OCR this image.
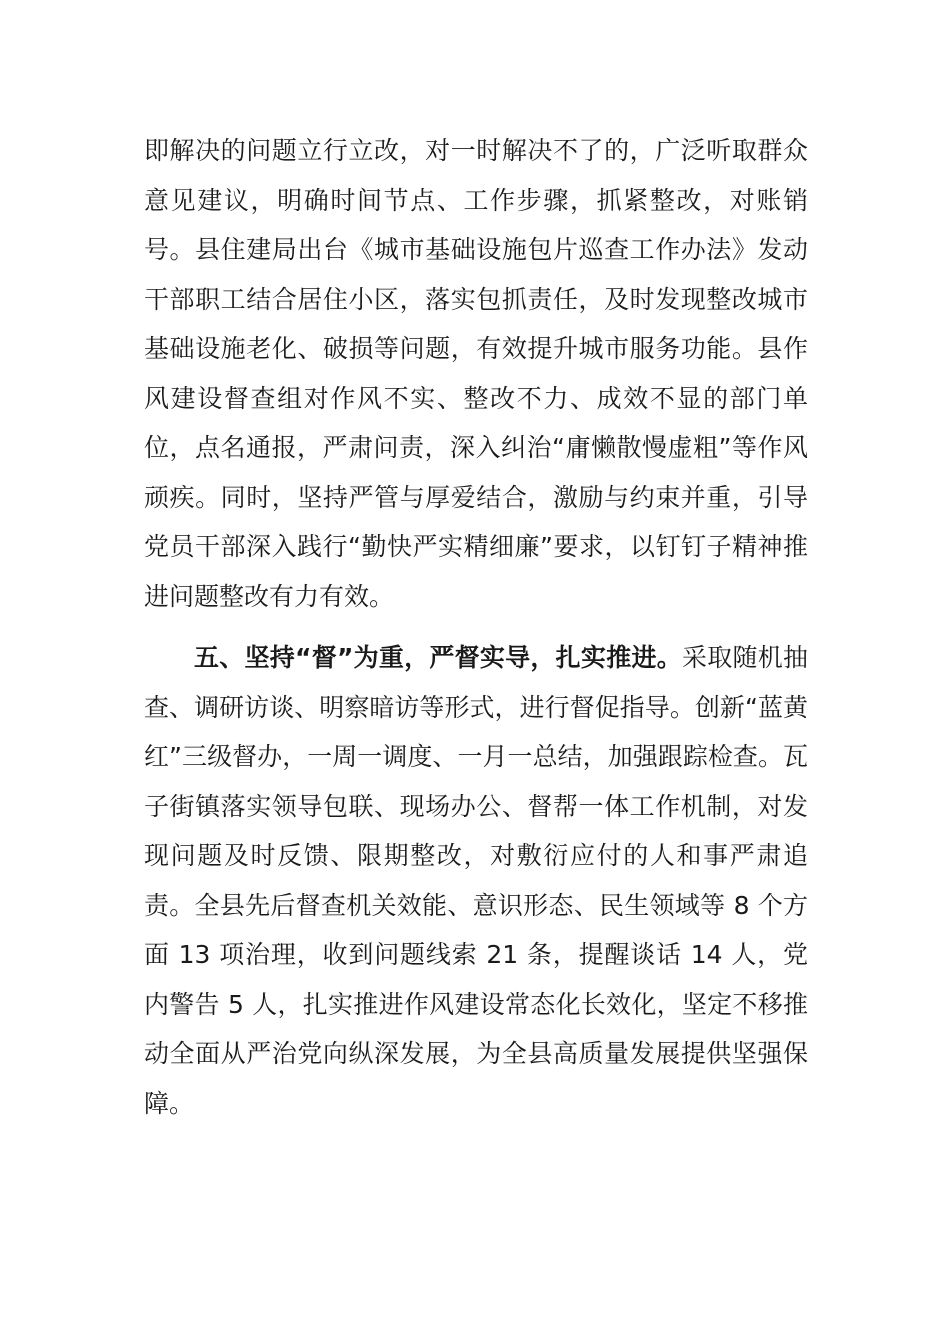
即解决的问题立行立改，对一时解决不了的，广泛听取群众意见建议，明确时间节点、工作步骤，抓紧整改，对账销号。县住建局出台《城市基础设施包片巡查工作办法》发动干部职工结合居住小区，落实包抓责任，及时发现整改城市基础设施老化、破损等问题，有效提升城市服务功能。县作风建设督查组对作风不实、整改不力、成效不显的部门单位，点名通报，严肃问责，深入纠治“庸懒散慢虚粗”等作风顽疾。同时，坚持严管与厚爱结合，激励与约束并重，引导党员干部深入践行“勤快严实精细廉”要求，以钉钉子精神推进问题整改有力有效。

五、坚持“督”为重，严督实导，扎实推进。采取随机抽查、调研访谈、明察暗访等形式，进行督促指导。创新“蓝黄红”三级督办，一周一调度、一月一总结，加强跟踪检查。瓦子街镇落实领导包联、现场办公、督帮一体工作机制，对发现问题及时反馈、限期整改，对敷衍应付的人和事严肃追责。全县先后督查机关效能、意识形态、民生领域等 8 个方面 13 项治理，收到问题线索 21 条，提醒谈话 14 人，党内警告 5 人，扎实推进作风建设常态化长效化，坚定不移推动全面从严治党向纵深发展，为全县高质量发展提供坚强保障。
